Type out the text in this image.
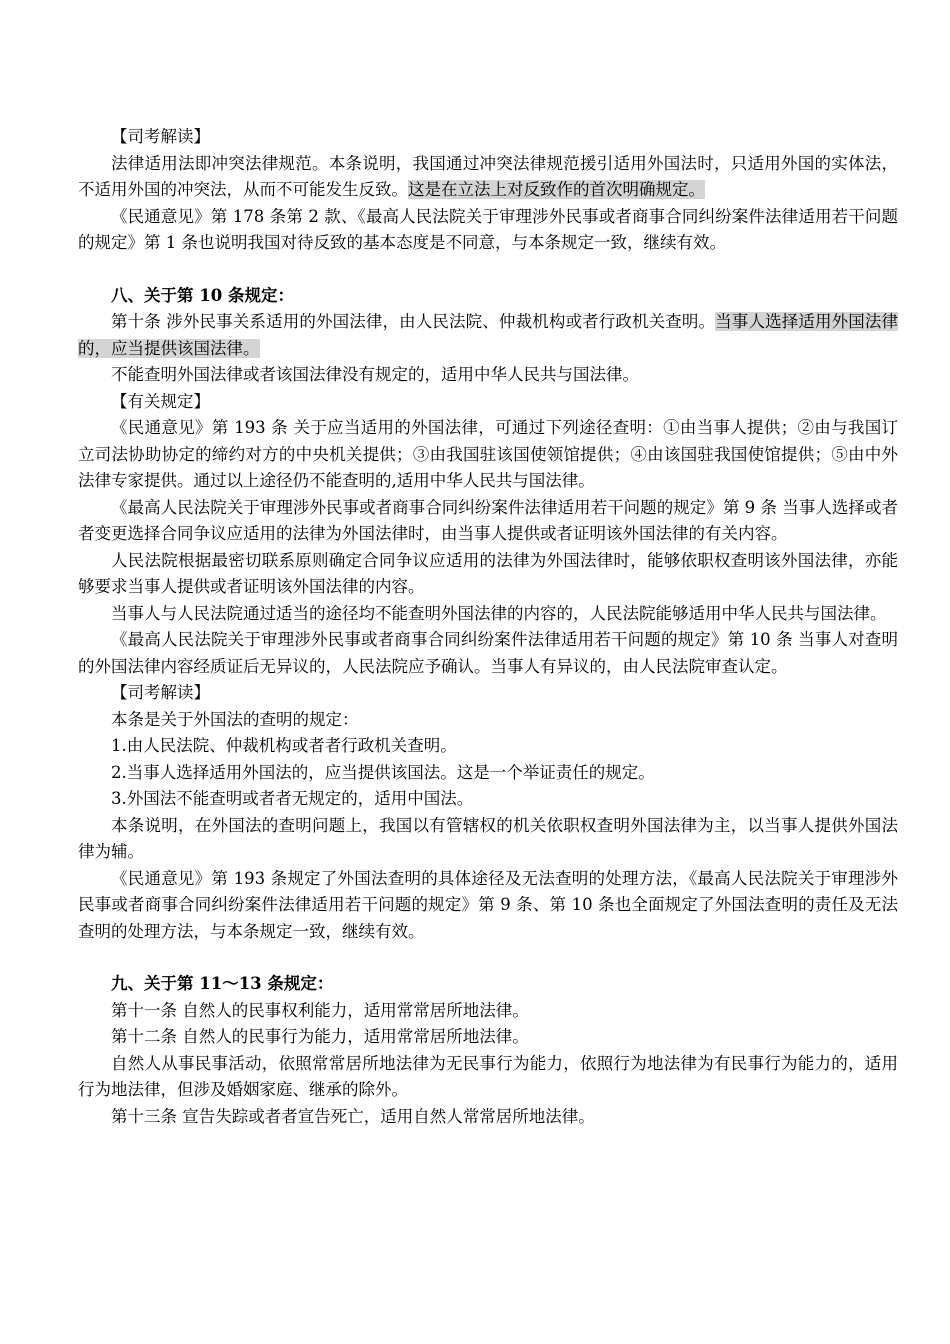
【司考解读】

法律适用法即冲突法律规范。本条说明，我国通过冲突法律规范援引适用外国法时，只适用外国的实体法，不适用外国的冲突法，从而不可能发生反致。这是在立法上对反致作的首次明确规定。

《民通意见》第 178 条第 2 款、《最高人民法院关于审理涉外民事或者商事合同纠纷案件法律适用若干问题的规定》第 1 条也说明我国对待反致的基本态度是不同意，与本条规定一致，继续有效。

八、关于第 10 条规定：

第十条 涉外民事关系适用的外国法律，由人民法院、仲裁机构或者行政机关查明。当事人选择适用外国法律的，应当提供该国法律。

不能查明外国法律或者该国法律没有规定的，适用中华人民共与国法律。

【有关规定】

《民通意见》第 193 条 关于应当适用的外国法律，可通过下列途径查明：①由当事人提供；②由与我国订立司法协助协定的缔约对方的中央机关提供；③由我国驻该国使领馆提供；④由该国驻我国使馆提供；⑤由中外法律专家提供。通过以上途径仍不能查明的,适用中华人民共与国法律。

《最高人民法院关于审理涉外民事或者商事合同纠纷案件法律适用若干问题的规定》第 9 条 当事人选择或者者变更选择合同争议应适用的法律为外国法律时，由当事人提供或者证明该外国法律的有关内容。

人民法院根据最密切联系原则确定合同争议应适用的法律为外国法律时，能够依职权查明该外国法律，亦能够要求当事人提供或者证明该外国法律的内容。

当事人与人民法院通过适当的途径均不能查明外国法律的内容的，人民法院能够适用中华人民共与国法律。

《最高人民法院关于审理涉外民事或者商事合同纠纷案件法律适用若干问题的规定》第 10 条 当事人对查明的外国法律内容经质证后无异议的，人民法院应予确认。当事人有异议的，由人民法院审查认定。

【司考解读】

本条是关于外国法的查明的规定：

1.由人民法院、仲裁机构或者者行政机关查明。

2.当事人选择适用外国法的，应当提供该国法。这是一个举证责任的规定。

3.外国法不能查明或者者无规定的，适用中国法。

本条说明，在外国法的查明问题上，我国以有管辖权的机关依职权查明外国法律为主，以当事人提供外国法律为辅。

《民通意见》第 193 条规定了外国法查明的具体途径及无法查明的处理方法，《最高人民法院关于审理涉外民事或者商事合同纠纷案件法律适用若干问题的规定》第 9 条、第 10 条也全面规定了外国法查明的责任及无法查明的处理方法，与本条规定一致，继续有效。

九、关于第 11～13 条规定：

第十一条 自然人的民事权利能力，适用常常居所地法律。

第十二条 自然人的民事行为能力，适用常常居所地法律。

自然人从事民事活动，依照常常居所地法律为无民事行为能力，依照行为地法律为有民事行为能力的，适用行为地法律，但涉及婚姻家庭、继承的除外。

第十三条 宣告失踪或者者宣告死亡，适用自然人常常居所地法律。
